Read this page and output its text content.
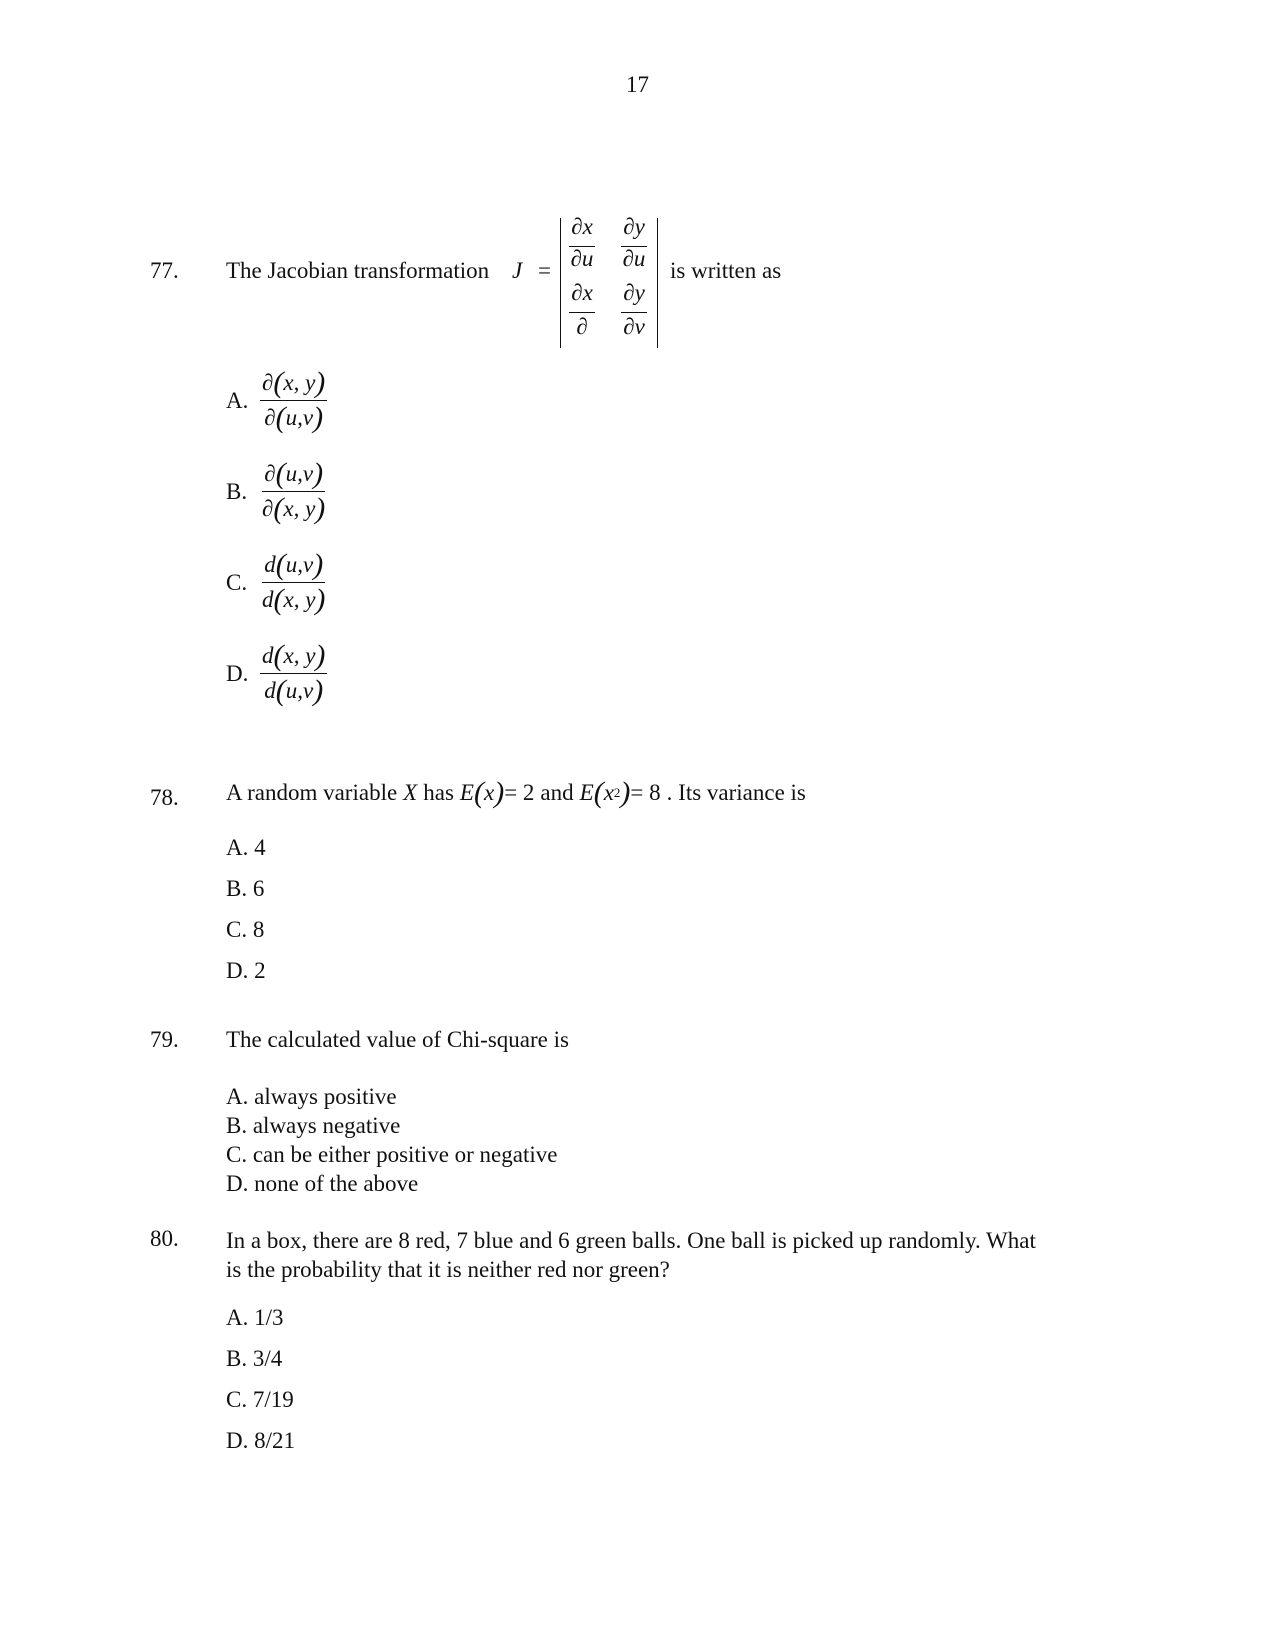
17
77. The Jacobian transformation J =
∂x
∂u
∂y
∂u
∂x
∂
∂y
∂v
is written as
A. $\frac{\partial ( x, y )}{\partial ( u,v )}$
B. $\frac{\partial ( u,v )}{\partial ( x, y )}$
C. $\frac{d ( u,v )}{d ( x, y )}$
D. $\frac{d ( x, y )}{d ( u,v )}$
78. A random variable X has E ( x ) = 2 and E ( x 2 ) = 8 . Its variance is
A. 4
B. 6
C. 8
D. 2
79. The calculated value of Chi-square is
A. always positive
B. always negative
C. can be either positive or negative
D. none of the above
80. In a box, there are 8 red, 7 blue and 6 green balls. One ball is picked up randomly. What
is the probability that it is neither red nor green?
A. 1/3
B. 3/4
C. 7/19
D. 8/21
